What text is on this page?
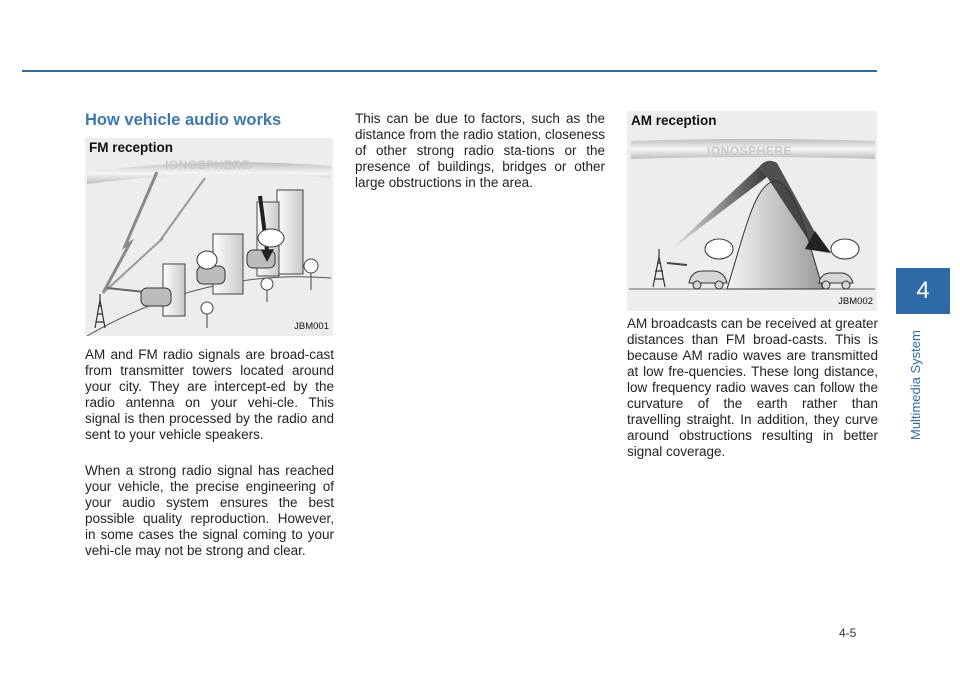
4
Multimedia System
How vehicle audio works
IONOSPHERE
FM reception
JBM001
IONOSPHERE
AM reception
JBM002

AM and FM radio signals are broad-cast from transmitter towers located around your city. They are intercept-ed by the radio antenna on your vehi-cle. This signal is then processed by the radio and sent to your vehicle speakers.

When a strong radio signal has reached your vehicle, the precise engineering of your audio system ensures the best possible quality reproduction. However, in some cases the signal coming to your vehi-cle may not be strong and clear.

This can be due to factors, such as the distance from the radio station, closeness of other strong radio sta-tions or the presence of buildings, bridges or other large obstructions in the area.

AM broadcasts can be received at greater distances than FM broad-casts. This is because AM radio waves are transmitted at low fre-quencies. These long distance, low frequency radio waves can follow the curvature of the earth rather than travelling straight. In addition, they curve around obstructions resulting in better signal coverage.

4-5
